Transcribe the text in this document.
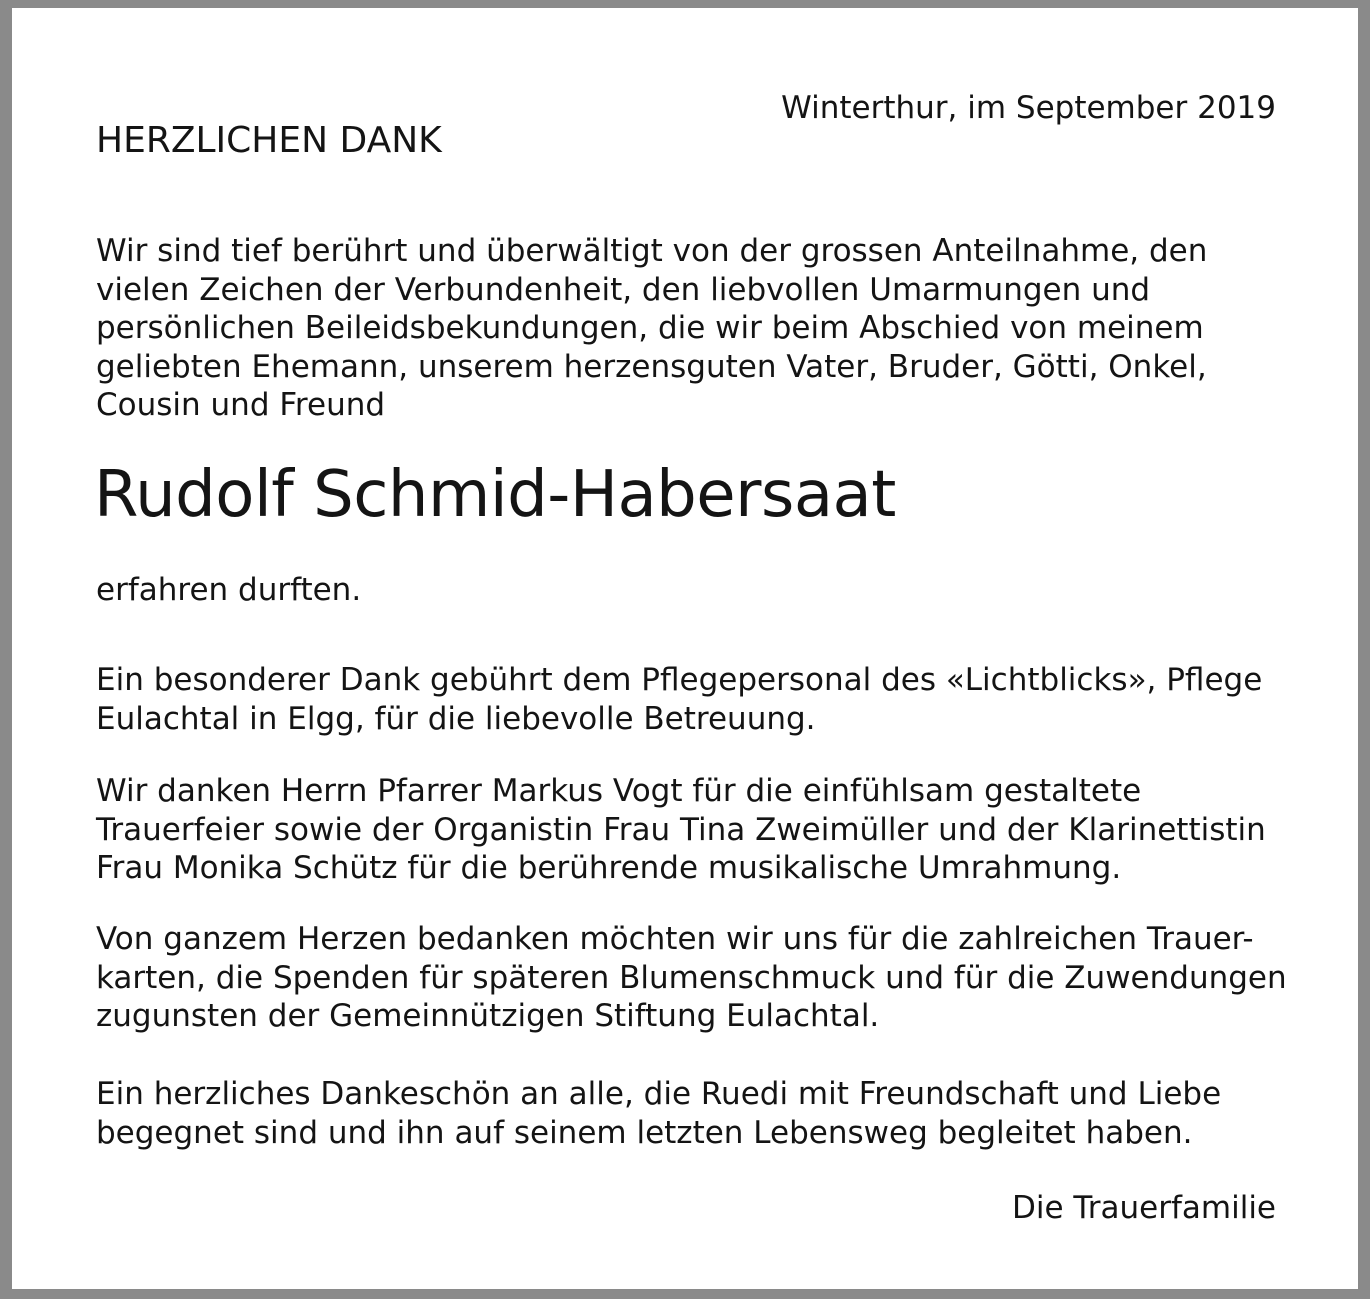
HERZLICHEN DANK
Winterthur, im September 2019

Wir sind tief berührt und überwältigt von der grossen Anteilnahme, den
vielen Zeichen der Verbundenheit, den liebvollen Umarmungen und
persönlichen Beileidsbekundungen, die wir beim Abschied von meinem
geliebten Ehemann, unserem herzensguten Vater, Bruder, Götti, Onkel,
Cousin und Freund

Rudolf Schmid-Habersaat

erfahren durften.

Ein besonderer Dank gebührt dem Pflegepersonal des «Lichtblicks», Pflege
Eulachtal in Elgg, für die liebevolle Betreuung.

Wir danken Herrn Pfarrer Markus Vogt für die einfühlsam gestaltete
Trauerfeier sowie der Organistin Frau Tina Zweimüller und der Klarinettistin
Frau Monika Schütz für die berührende musikalische Umrahmung.

Von ganzem Herzen bedanken möchten wir uns für die zahlreichen Trauer-
karten, die Spenden für späteren Blumenschmuck und für die Zuwendungen
zugunsten der Gemeinnützigen Stiftung Eulachtal.

Ein herzliches Dankeschön an alle, die Ruedi mit Freundschaft und Liebe
begegnet sind und ihn auf seinem letzten Lebensweg begleitet haben.

Die Trauerfamilie
